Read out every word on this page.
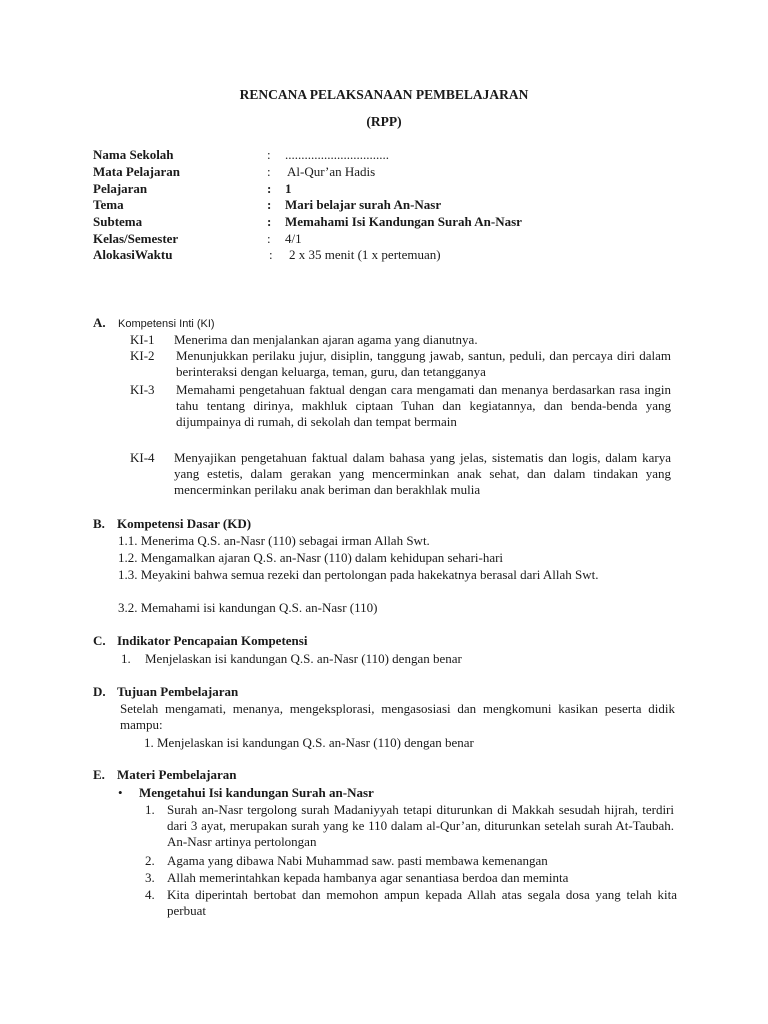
RENCANA PELAKSANAAN PEMBELAJARAN
(RPP)
Nama Sekolah	: ................................
Mata Pelajaran	: Al-Qur’an Hadis
Pelajaran	: 1
Tema	: Mari belajar surah An-Nasr
Subtema	: Memahami Isi Kandungan Surah An-Nasr
Kelas/Semester	: 4/1
AlokasiWaktu	: 2 x 35 menit (1 x pertemuan)
A. Kompetensi Inti (KI)
KI-1 Menerima dan menjalankan ajaran agama yang dianutnya.
KI-2 Menunjukkan perilaku jujur, disiplin, tanggung jawab, santun, peduli, dan percaya diri dalam berinteraksi dengan keluarga, teman, guru, dan tetangganya
KI-3 Memahami pengetahuan faktual dengan cara mengamati dan menanya berdasarkan rasa ingin tahu tentang dirinya, makhluk ciptaan Tuhan dan kegiatannya, dan benda-benda yang dijumpainya di rumah, di sekolah dan tempat bermain
KI-4 Menyajikan pengetahuan faktual dalam bahasa yang jelas, sistematis dan logis, dalam karya yang estetis, dalam gerakan yang mencerminkan anak sehat, dan dalam tindakan yang mencerminkan perilaku anak beriman dan berakhlak mulia
B. Kompetensi Dasar (KD)
1.1. Menerima Q.S. an-Nasr (110) sebagai irman Allah Swt.
1.2. Mengamalkan ajaran Q.S. an-Nasr (110) dalam kehidupan sehari-hari
1.3. Meyakini bahwa semua rezeki dan pertolongan pada hakekatnya berasal dari Allah Swt.
3.2. Memahami isi kandungan Q.S. an-Nasr (110)
C. Indikator Pencapaian Kompetensi
1. Menjelaskan isi kandungan Q.S. an-Nasr (110) dengan benar
D. Tujuan Pembelajaran
Setelah mengamati, menanya, mengeksplorasi, mengasosiasi dan mengkomuni kasikan peserta didik mampu:
1. Menjelaskan isi kandungan Q.S. an-Nasr (110) dengan benar
E. Materi Pembelajaran
• Mengetahui Isi kandungan Surah an-Nasr
1. Surah an-Nasr tergolong surah Madaniyyah tetapi diturunkan di Makkah sesudah hijrah, terdiri dari 3 ayat, merupakan surah yang ke 110 dalam al-Qur’an, diturunkan setelah surah At-Taubah. An-Nasr artinya pertolongan
2. Agama yang dibawa Nabi Muhammad saw. pasti membawa kemenangan
3. Allah memerintahkan kepada hambanya agar senantiasa berdoa dan meminta
4. Kita diperintah bertobat dan memohon ampun kepada Allah atas segala dosa yang telah kita perbuat
